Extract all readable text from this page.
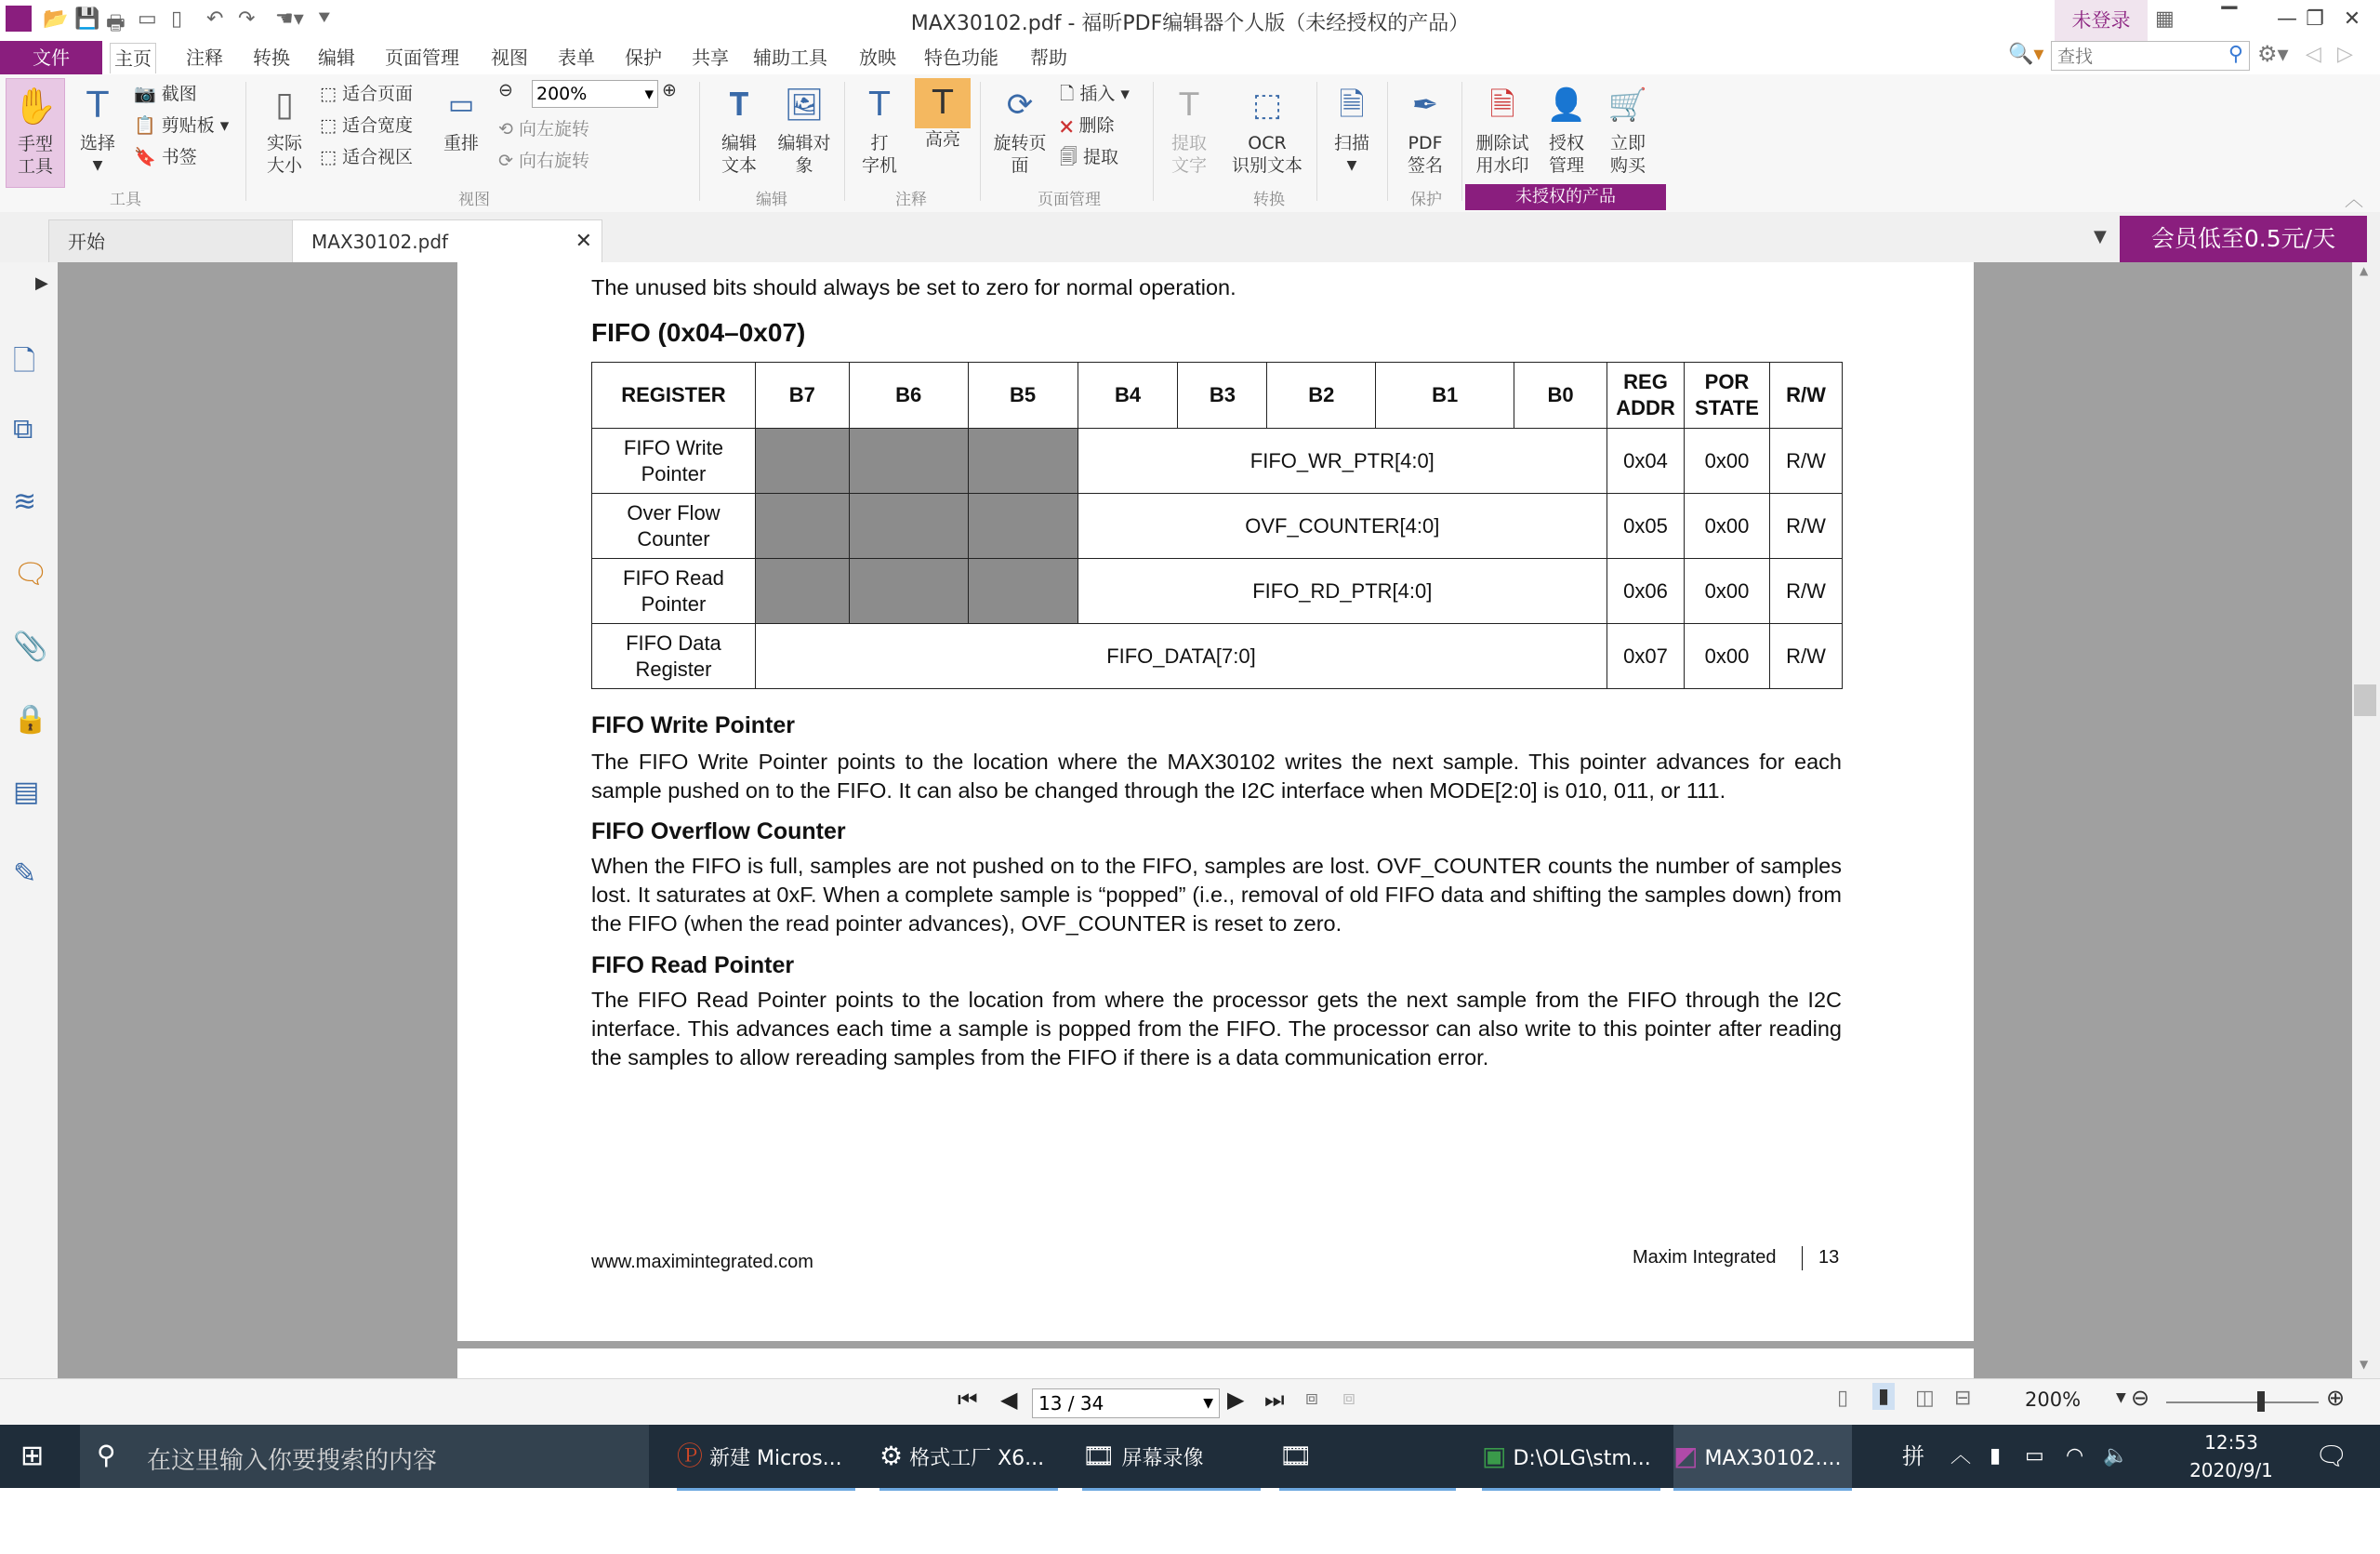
📂 💾 🖶 ▭ ▯ ↶ ↷ ☚▾ ⯆	MAX30102.pdf - 福昕PDF编辑器个人版（未经授权的产品）	未登录	▦	▔	— ❐ ✕
文件	主页 注释 转换 编辑 页面管理 视图 表单 保护 共享 辅助工具 放映 特色功能 帮助	🔍▾
查找	⚲ ⚙▾ ◁ ▷
✋
手型
工具
T
选择
▼
📷 截图
📋 剪贴板 ▾
🔖 书签
工具
▯
实际
大小
⬚ 适合页面
⬚ 适合宽度
⬚ 适合视区
▭
重排
⊖ 200%	▾ ⊕
⟲ 向左旋转
⟳ 向右旋转
视图
𝐓
编辑
文本
🖼
编辑对
象
编辑
T
打
字机
T
高亮
注释
⟳
旋转页
面
🗋 插入 ▾
🗙 删除
🗐 提取
页面管理
T
提取
文字
⬚
OCR
识别文本
转换
🗎
扫描
▼
✒
PDF
签名
保护
🗎
删除试
用水印
👤
授权
管理
🛒
立即
购买
未授权的产品	︿
开始	MAX30102.pdf	✕	▼	会员低至0.5元/天
▶
🗋
⧉
≋
🗨
📎
🔒
▤
✎
The unused bits should always be set to zero for normal operation.
FIFO (0x04–0x07)
REGISTER	B7	B6	B5	B4	B3	B2	B1	B0	REG ADDR	POR STATE	R/W
FIFO Write Pointer				FIFO_WR_PTR[4:0]					0x04	0x00	R/W
Over Flow Counter				OVF_COUNTER[4:0]					0x05	0x00	R/W
FIFO Read Pointer				FIFO_RD_PTR[4:0]					0x06	0x00	R/W
FIFO Data Register	FIFO_DATA[7:0]								0x07	0x00	R/W
FIFO Write Pointer
The FIFO Write Pointer points to the location where the MAX30102 writes the next sample. This pointer advances for each sample pushed on to the FIFO. It can also be changed through the I2C interface when MODE[2:0] is 010, 011, or 111.
FIFO Overflow Counter
When the FIFO is full, samples are not pushed on to the FIFO, samples are lost. OVF_COUNTER counts the number of samples lost. It saturates at 0xF. When a complete sample is “popped” (i.e., removal of old FIFO data and shifting the samples down) from the FIFO (when the read pointer advances), OVF_COUNTER is reset to zero.
FIFO Read Pointer
The FIFO Read Pointer points to the location from where the processor gets the next sample from the FIFO through the I2C interface. This advances each time a sample is popped from the FIFO. The processor can also write to this pointer after reading the samples to allow rereading samples from the FIFO if there is a data communication error.
www.maximintegrated.com	Maxim Integrated 13
▲
▼
⏮ ◀	13 / 34	▼ ▶ ⏭ ⧈ ⧈	▯ ▮ ◫ ⊟	200%	▼ ⊖	⊕
⊞ ⚲ 在这里输入你要搜索的内容	Ⓟ 新建 Micros...	⚙ 格式工厂 X6...	🎞 屏幕录像	🎞 Recording......
▣ D:\OLG\stm... ◩ MAX30102....	拼 ︿ ▮ ▭ ◠ 🔈
12:53
2020/9/1	🗨
